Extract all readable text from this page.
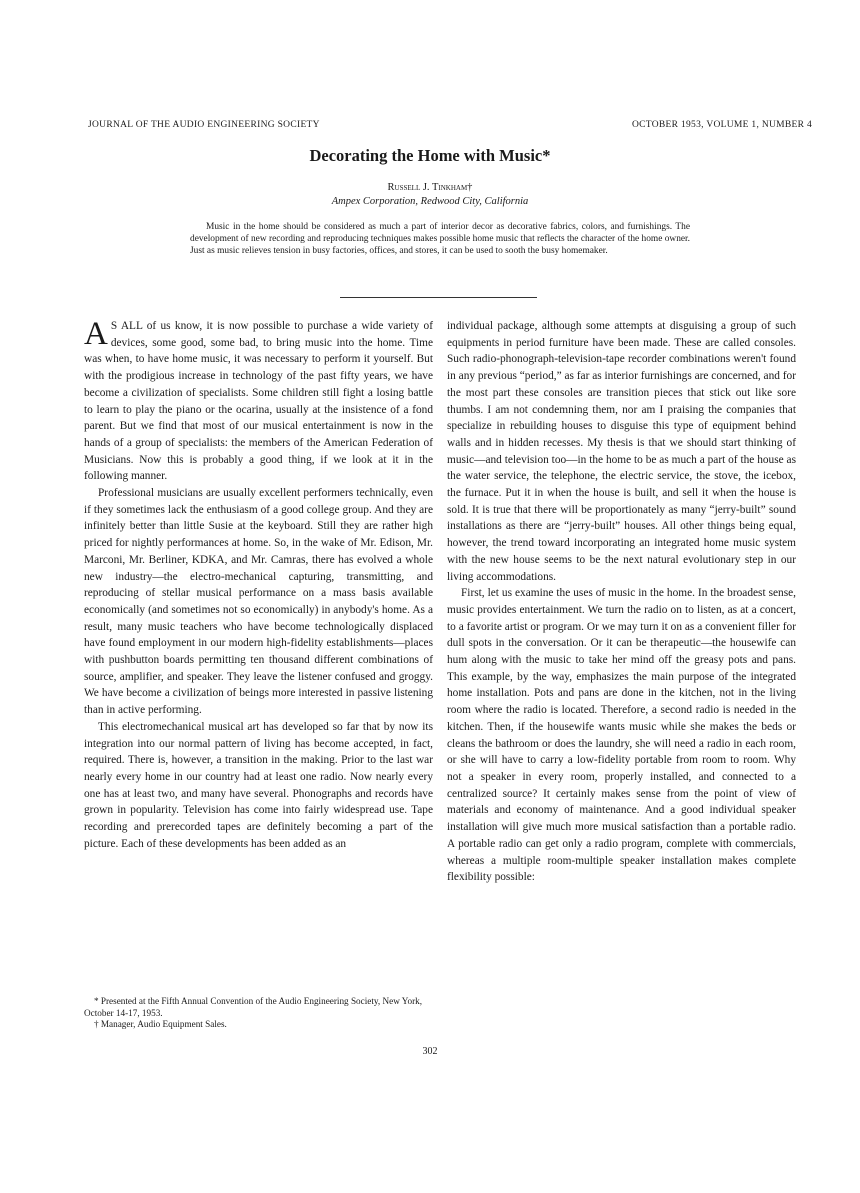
JOURNAL OF THE AUDIO ENGINEERING SOCIETY	OCTOBER 1953, VOLUME 1, NUMBER 4
Decorating the Home with Music*
Russell J. Tinkham†
Ampex Corporation, Redwood City, California

Music in the home should be considered as much a part of interior decor as decorative fabrics, colors, and furnishings. The development of new recording and reproducing techniques makes possible home music that reflects the character of the home owner. Just as music relieves tension in busy factories, offices, and stores, it can be used to sooth the busy homemaker.

A S ALL of us know, it is now possible to purchase a wide variety of devices, some good, some bad, to bring music into the home. Time was when, to have home music, it was necessary to perform it yourself. But with the prodigious increase in technology of the past fifty years, we have become a civilization of specialists. Some children still fight a losing battle to learn to play the piano or the ocarina, usually at the insistence of a fond parent. But we find that most of our musical entertainment is now in the hands of a group of specialists: the members of the American Federation of Musicians. Now this is probably a good thing, if we look at it in the following manner.

Professional musicians are usually excellent performers technically, even if they sometimes lack the enthusiasm of a good college group. And they are infinitely better than little Susie at the keyboard. Still they are rather high priced for nightly performances at home. So, in the wake of Mr. Edison, Mr. Marconi, Mr. Berliner, KDKA, and Mr. Camras, there has evolved a whole new industry—the electro-mechanical capturing, transmitting, and reproducing of stellar musical performance on a mass basis available economically (and sometimes not so economically) in anybody's home. As a result, many music teachers who have become technologically displaced have found employment in our modern high-fidelity establishments—places with pushbutton boards permitting ten thousand different combinations of source, amplifier, and speaker. They leave the listener confused and groggy. We have become a civilization of beings more interested in passive listening than in active performing.

This electromechanical musical art has developed so far that by now its integration into our normal pattern of living has become accepted, in fact, required. There is, however, a transition in the making. Prior to the last war nearly every home in our country had at least one radio. Now nearly every one has at least two, and many have several. Phonographs and records have grown in popularity. Television has come into fairly widespread use. Tape recording and prerecorded tapes are definitely becoming a part of the picture. Each of these developments has been added as an

individual package, although some attempts at disguising a group of such equipments in period furniture have been made. These are called consoles. Such radio-phonograph-television-tape recorder combinations weren't found in any previous “period,” as far as interior furnishings are concerned, and for the most part these consoles are transition pieces that stick out like sore thumbs. I am not condemning them, nor am I praising the companies that specialize in rebuilding houses to disguise this type of equipment behind walls and in hidden recesses. My thesis is that we should start thinking of music—and television too—in the home to be as much a part of the house as the water service, the telephone, the electric service, the stove, the icebox, the furnace. Put it in when the house is built, and sell it when the house is sold. It is true that there will be proportionately as many “jerry-built” sound installations as there are “jerry-built” houses. All other things being equal, however, the trend toward incorporating an integrated home music system with the new house seems to be the next natural evolutionary step in our living accommodations.

First, let us examine the uses of music in the home. In the broadest sense, music provides entertainment. We turn the radio on to listen, as at a concert, to a favorite artist or program. Or we may turn it on as a convenient filler for dull spots in the conversation. Or it can be therapeutic—the housewife can hum along with the music to take her mind off the greasy pots and pans. This example, by the way, emphasizes the main purpose of the integrated home installation. Pots and pans are done in the kitchen, not in the living room where the radio is located. Therefore, a second radio is needed in the kitchen. Then, if the housewife wants music while she makes the beds or cleans the bathroom or does the laundry, she will need a radio in each room, or she will have to carry a low-fidelity portable from room to room. Why not a speaker in every room, properly installed, and connected to a centralized source? It certainly makes sense from the point of view of materials and economy of maintenance. And a good individual speaker installation will give much more musical satisfaction than a portable radio. A portable radio can get only a radio program, complete with commercials, whereas a multiple room-multiple speaker installation makes complete flexibility possible:

* Presented at the Fifth Annual Convention of the Audio Engineering Society, New York, October 14-17, 1953.

† Manager, Audio Equipment Sales.

302
